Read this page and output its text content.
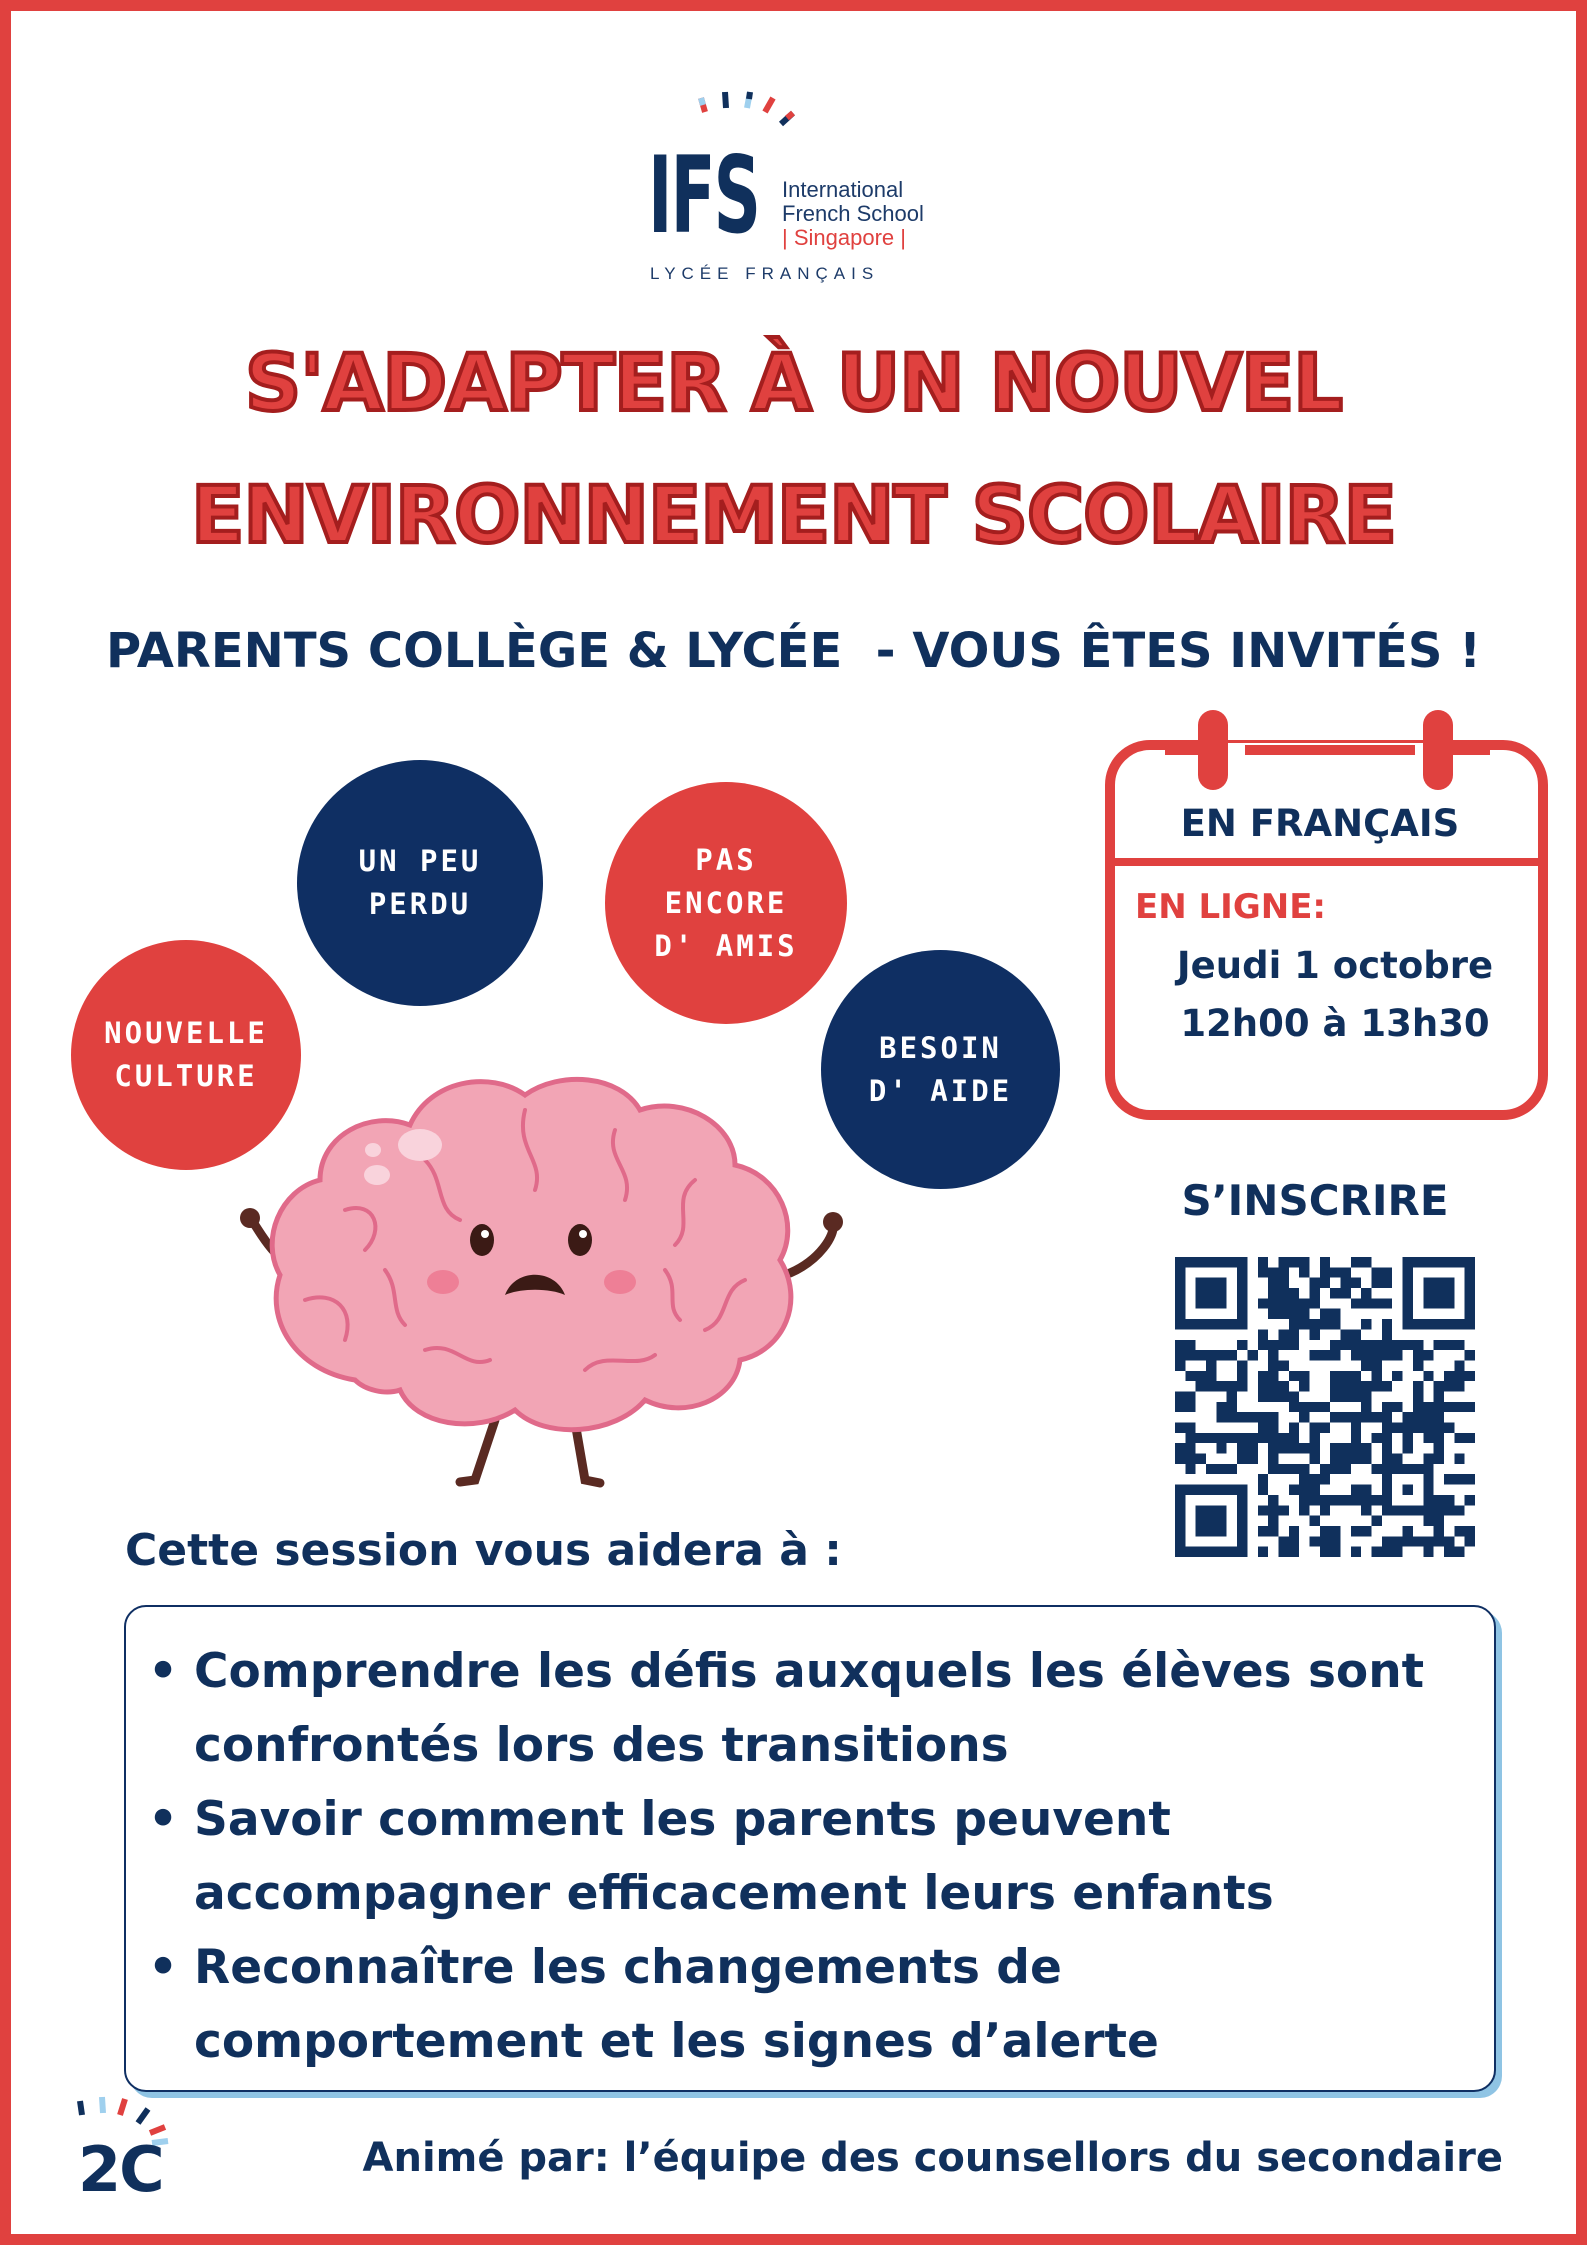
IFS International
French School
| Singapore |
LYCÉE FRANÇAIS
S'ADAPTER À UN NOUVEL
ENVIRONNEMENT SCOLAIRE
PARENTS COLLÈGE & LYCÉE  - VOUS ÊTES INVITÉS !
UN PEU
PERDU
PAS
ENCORE
D' AMIS
NOUVELLE
CULTURE
BESOIN
D' AIDE
EN FRANÇAIS
EN LIGNE:
Jeudi 1 octobre
12h00 à 13h30
S’INSCRIRE
Cette session vous aidera à :
• Comprendre les défis auxquels les élèves sont confrontés lors des transitions
• Savoir comment les parents peuvent accompagner efficacement leurs enfants
• Reconnaître les changements de comportement et les signes d’alerte
2C	Animé par: l’équipe des counsellors du secondaire
